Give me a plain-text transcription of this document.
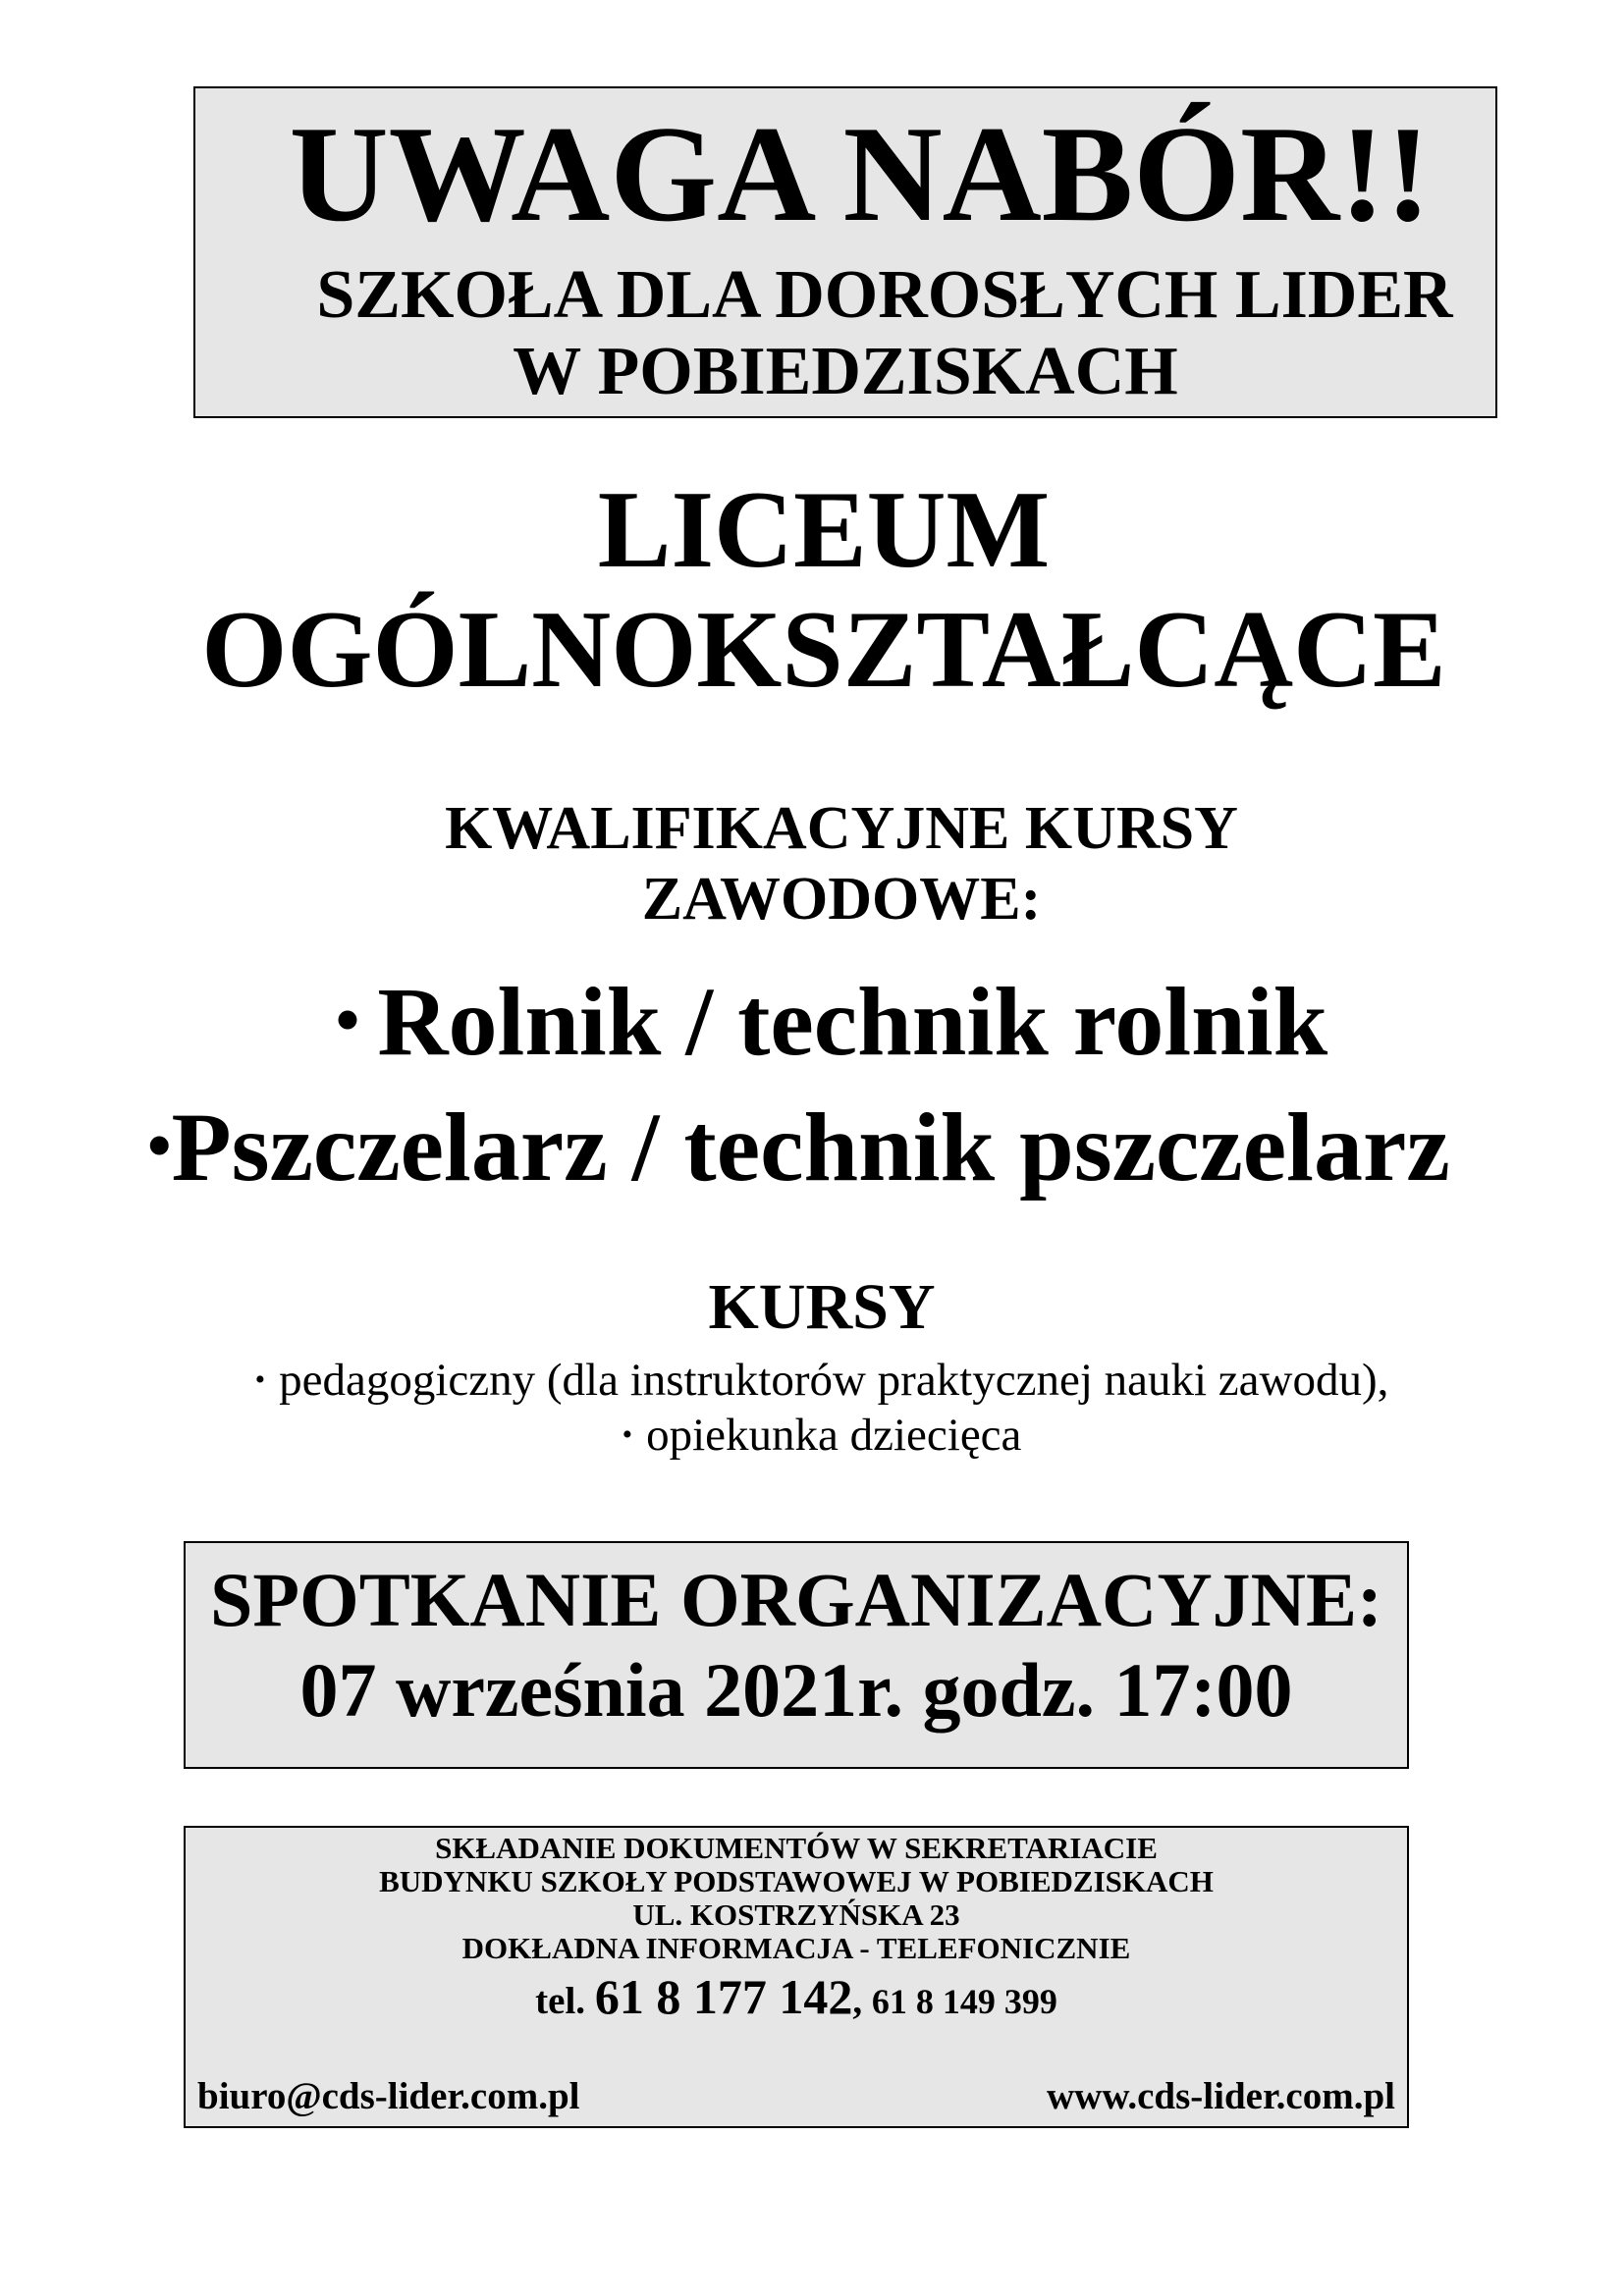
UWAGA NABÓR!!
SZKOŁA DLA DOROSŁYCH LIDER
W POBIEDZISKACH
LICEUM
OGÓLNOKSZTAŁCĄCE
KWALIFIKACYJNE KURSY
ZAWODOWE:
• Rolnik / technik rolnik
•Pszczelarz / technik pszczelarz
KURSY
• pedagogiczny (dla instruktorów praktycznej nauki zawodu),
• opiekunka dziecięca
SPOTKANIE ORGANIZACYJNE:
07 września 2021r. godz. 17:00
SKŁADANIE DOKUMENTÓW W SEKRETARIACIE
BUDYNKU SZKOŁY PODSTAWOWEJ W POBIEDZISKACH
UL. KOSTRZYŃSKA 23
DOKŁADNA INFORMACJA - TELEFONICZNIE
tel. 61 8 177 142, 61 8 149 399
biuro@cds-lider.com.pl	www.cds-lider.com.pl
